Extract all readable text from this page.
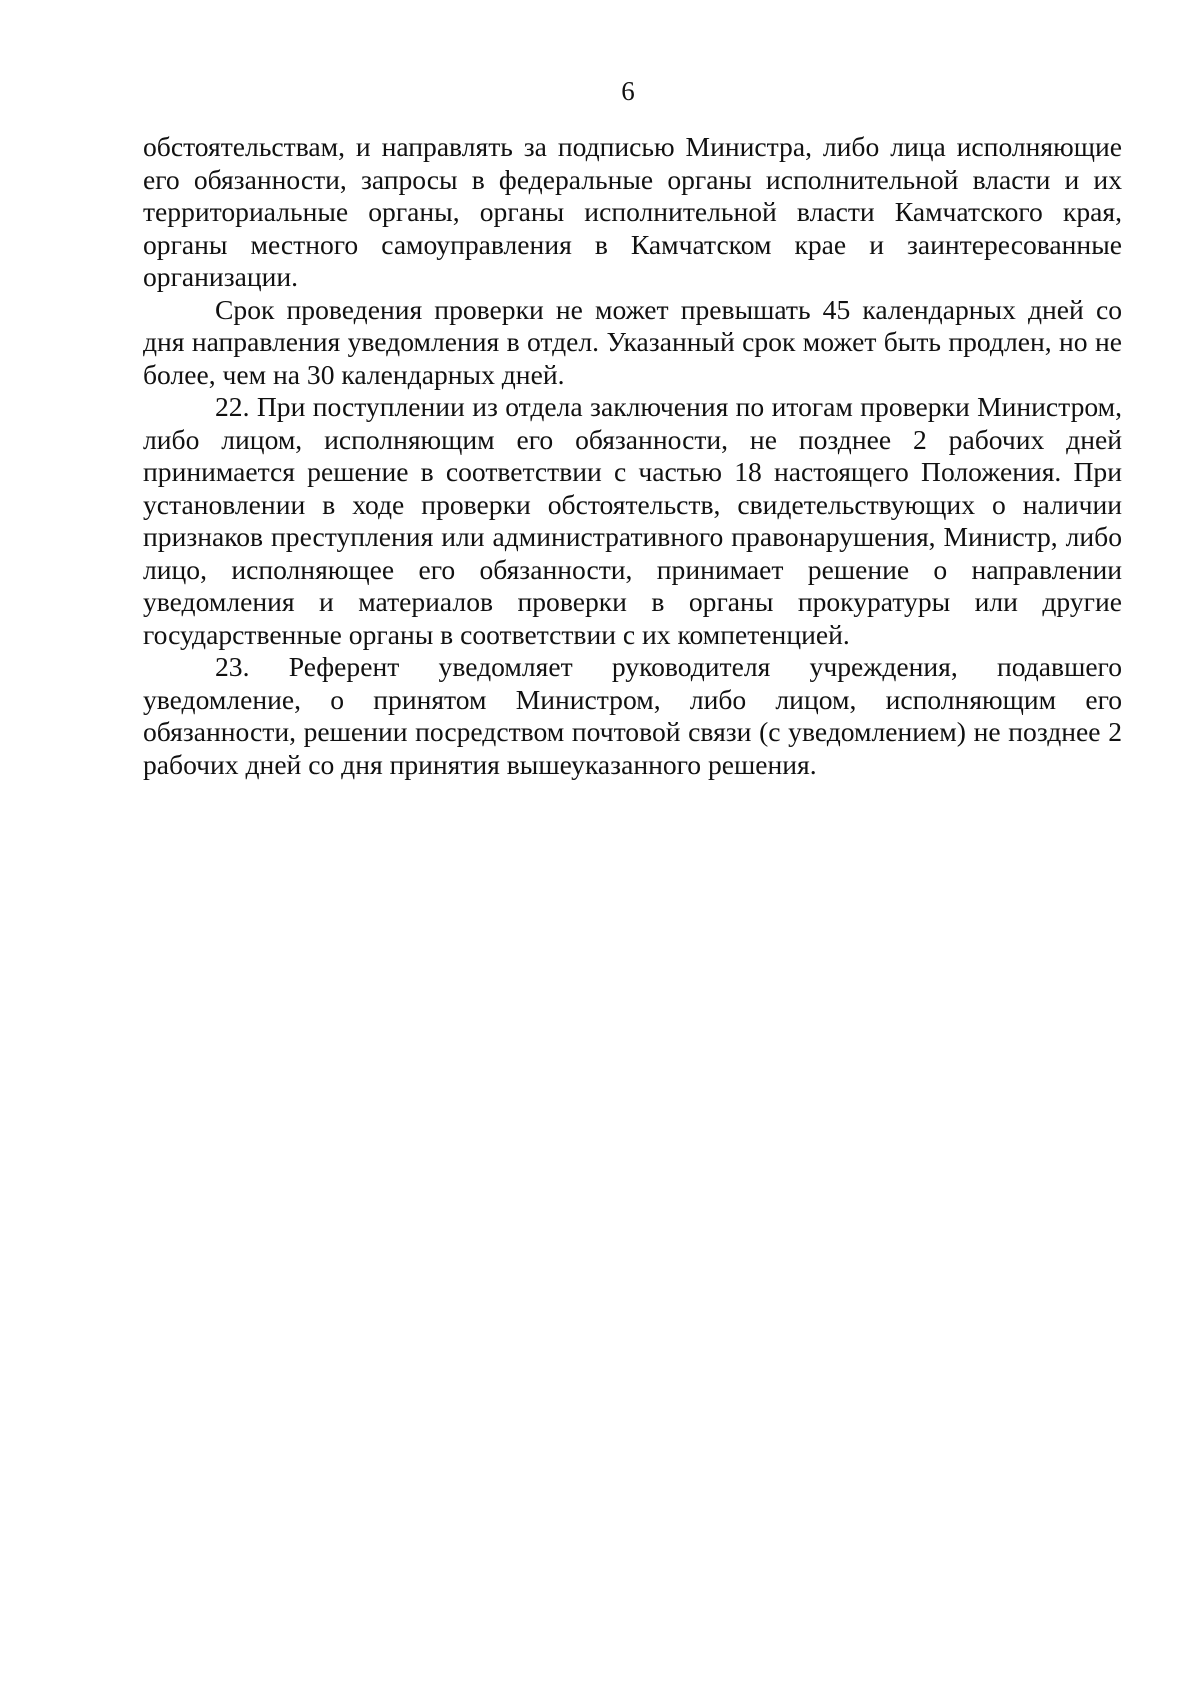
6

обстоятельствам, и направлять за подписью Министра, либо лица исполняющие его обязанности, запросы в федеральные органы исполнительной власти и их территориальные органы, органы исполнительной власти Камчатского края, органы местного самоуправления в Камчатском крае и заинтересованные организации.

Срок проведения проверки не может превышать 45 календарных дней со дня направления уведомления в отдел. Указанный срок может быть продлен, но не более, чем на 30 календарных дней.

22. При поступлении из отдела заключения по итогам проверки Министром, либо лицом, исполняющим его обязанности, не позднее 2 рабочих дней принимается решение в соответствии с частью 18 настоящего Положения. При установлении в ходе проверки обстоятельств, свидетельствующих о наличии признаков преступления или административного правонарушения, Министр, либо лицо, исполняющее его обязанности, принимает решение о направлении уведомления и материалов проверки в органы прокуратуры или другие государственные органы в соответствии с их компетенцией.

23. Референт уведомляет руководителя учреждения, подавшего уведомление, о принятом Министром, либо лицом, исполняющим его обязанности, решении посредством почтовой связи (с уведомлением) не позднее 2 рабочих дней со дня принятия вышеуказанного решения.
